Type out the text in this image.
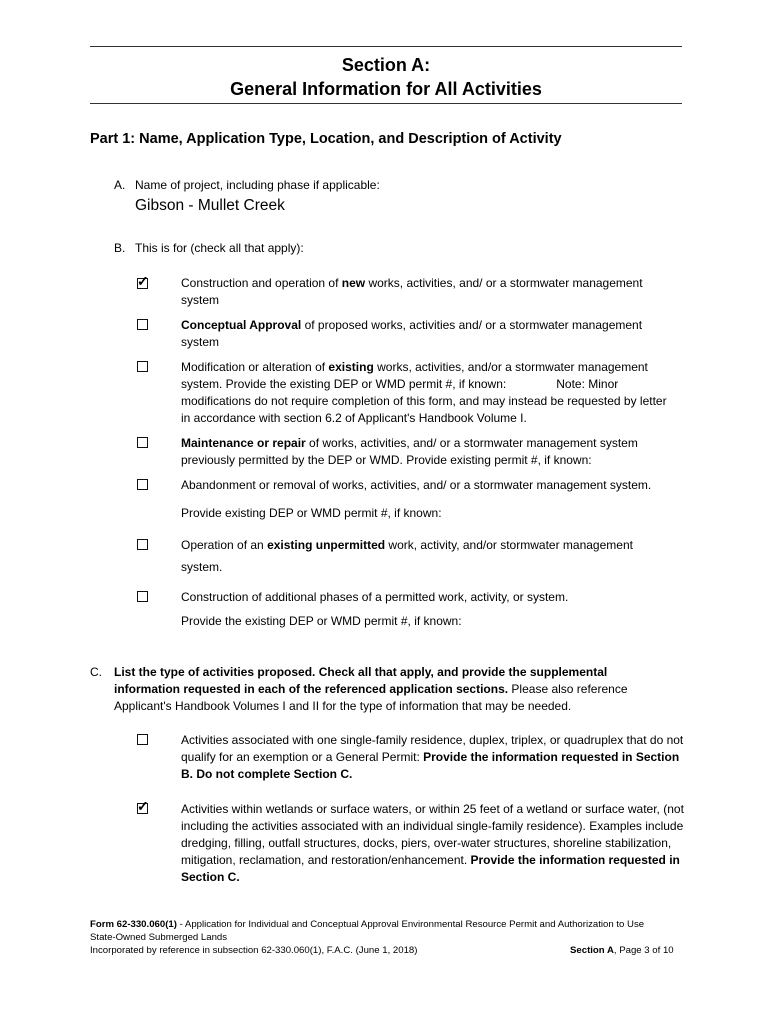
Section A:
General Information for All Activities
Part 1: Name, Application Type, Location, and Description of Activity
A. Name of project, including phase if applicable:
Gibson - Mullet Creek
B. This is for (check all that apply):
✓	Construction and operation of new works, activities, and/ or a stormwater management system
Conceptual Approval of proposed works, activities and/ or a stormwater management system
Modification or alteration of existing works, activities, and/or a stormwater management system. Provide the existing DEP or WMD permit #, if known:	Note: Minor modifications do not require completion of this form, and may instead be requested by letter in accordance with section 6.2 of Applicant's Handbook Volume I.
Maintenance or repair of works, activities, and/ or a stormwater management system previously permitted by the DEP or WMD. Provide existing permit #, if known:
Abandonment or removal of works, activities, and/ or a stormwater management system.
Provide existing DEP or WMD permit #, if known:
Operation of an existing unpermitted work, activity, and/or stormwater management
system.
Construction of additional phases of a permitted work, activity, or system.
Provide the existing DEP or WMD permit #, if known:
C. List the type of activities proposed. Check all that apply, and provide the supplemental information requested in each of the referenced application sections. Please also reference Applicant's Handbook Volumes I and II for the type of information that may be needed.
Activities associated with one single-family residence, duplex, triplex, or quadruplex that do not qualify for an exemption or a General Permit: Provide the information requested in Section B. Do not complete Section C.
✓	Activities within wetlands or surface waters, or within 25 feet of a wetland or surface water, (not including the activities associated with an individual single-family residence). Examples include dredging, filling, outfall structures, docks, piers, over-water structures, shoreline stabilization, mitigation, reclamation, and restoration/enhancement. Provide the information requested in Section C.
Form 62-330.060(1) - Application for Individual and Conceptual Approval Environmental Resource Permit and Authorization to Use
State-Owned Submerged Lands
Incorporated by reference in subsection 62-330.060(1), F.A.C. (June 1, 2018)	Section A, Page 3 of 10
